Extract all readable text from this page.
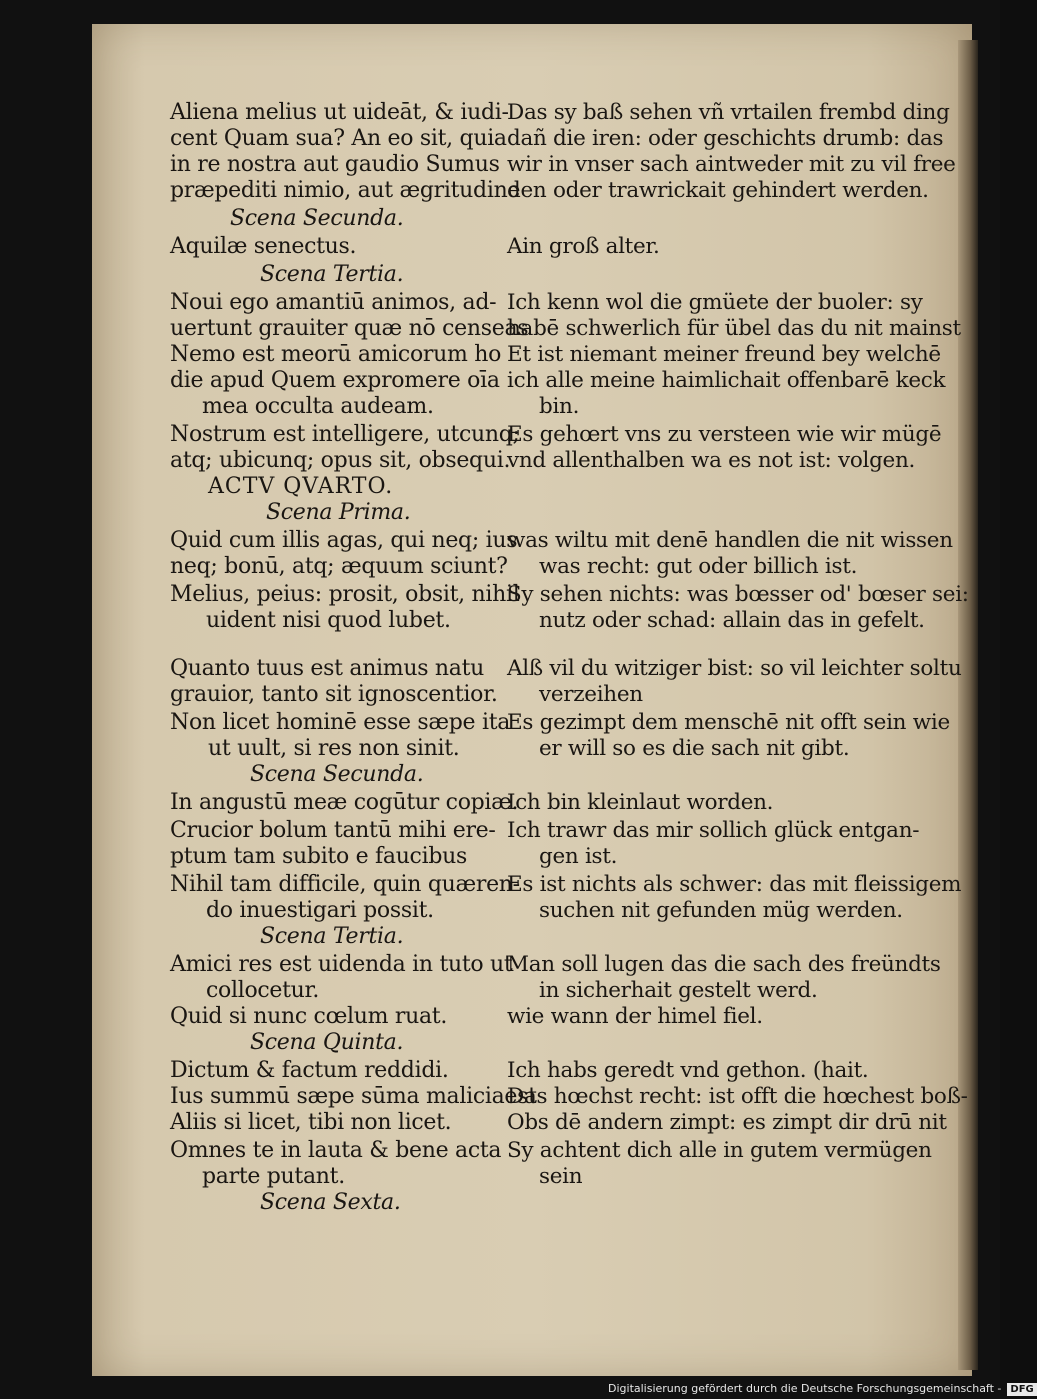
Aliena melius ut uideāt, & iudi-
cent Quam sua? An eo sit, quia
in re nostra aut gaudio Sumus
præpediti nimio, aut ægritudine
Scena Secunda.
Aquilæ senectus.
Scena Tertia.
Noui ego amantiū animos, ad-
uertunt grauiter quæ nō censeas
Nemo est meorū amicorum ho
die apud Quem expromere oīa
mea occulta audeam.
Nostrum est intelligere, utcunq;
atq; ubicunq; opus sit, obsequi.
ACTV QVARTO.
Scena Prima.
Quid cum illis agas, qui neq; ius
neq; bonū, atq; æquum sciunt?
Melius, peius: prosit, obsit, nihil
uident nisi quod lubet.
Quanto tuus est animus natu
grauior, tanto sit ignoscentior.
Non licet hominē esse sæpe ita
ut uult, si res non sinit.
Scena Secunda.
In angustū meæ cogūtur copiæ.
Crucior bolum tantū mihi ere-
ptum tam subito e faucibus
Nihil tam difficile, quin quæren-
do inuestigari possit.
Scena Tertia.
Amici res est uidenda in tuto ut
collocetur.
Quid si nunc cœlum ruat.
Scena Quinta.
Dictum & factum reddidi.
Ius summū sæpe sūma maliciaest
Aliis si licet, tibi non licet.
Omnes te in lauta & bene acta
parte putant.
Scena Sexta.
Das sy baß sehen vñ vrtailen frembd ding
dañ die iren: oder geschichts drumb: das
wir in vnser sach aintweder mit zu vil free
den oder trawrickait gehindert werden.
Ain groß alter.
Ich kenn wol die gmüete der buoler: sy
habē schwerlich für übel das du nit mainst
Et ist niemant meiner freund bey welchē
ich alle meine haimlichait offenbarē keck
bin.
Es gehœrt vns zu versteen wie wir mügē
vnd allenthalben wa es not ist: volgen.
was wiltu mit denē handlen die nit wissen
was recht: gut oder billich ist.
Sy sehen nichts: was bœsser od' bœser sei:
nutz oder schad: allain das in gefelt.
Alß vil du witziger bist: so vil leichter soltu
verzeihen
Es gezimpt dem menschē nit offt sein wie
er will so es die sach nit gibt.
Ich bin kleinlaut worden.
Ich trawr das mir sollich glück entgan-
gen ist.
Es ist nichts als schwer: das mit fleissigem
suchen nit gefunden müg werden.
Man soll lugen das die sach des freündts
in sicherhait gestelt werd.
wie wann der himel fiel.
Ich habs geredt vnd gethon. (hait.
Das hœchst recht: ist offt die hœchest boß-
Obs dē andern zimpt: es zimpt dir drū nit
Sy achtent dich alle in gutem vermügen
sein
Digitalisierung gefördert durch die Deutsche Forschungsgemeinschaft - DFG
